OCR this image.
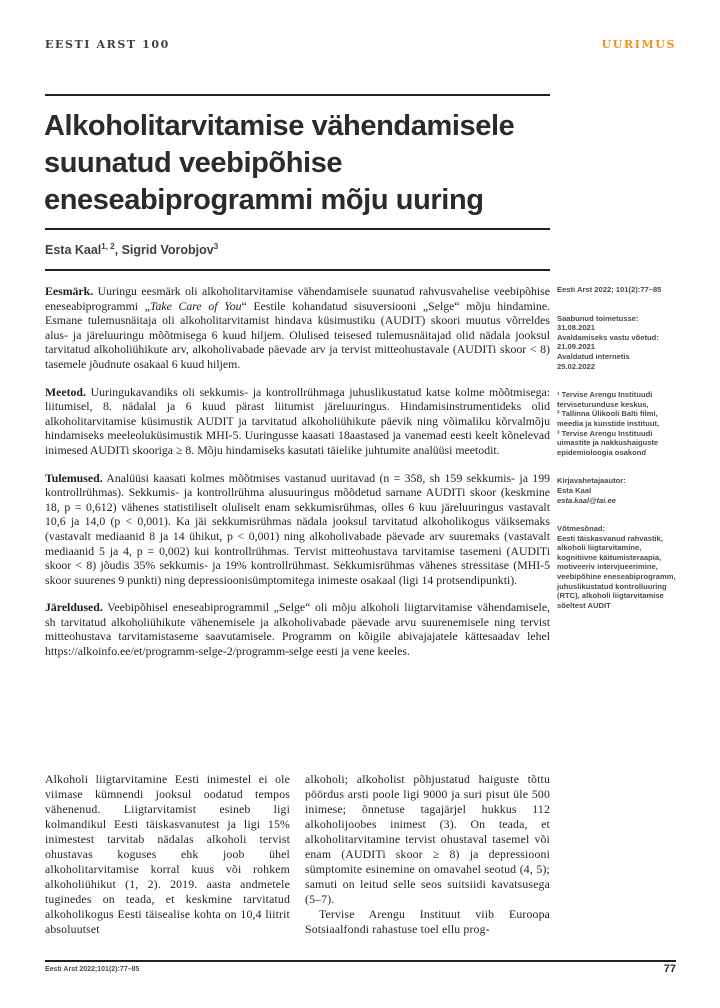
EESTI ARST 100	UURIMUS
Alkoholitarvitamise vähendamisele
suunatud veebipõhise
eneseabiprogrammi mõju uuring
Esta Kaal$^{1, 2}$, Sigrid Vorobjov$^3$

Eesmärk. Uuringu eesmärk oli alkoholitarvitamise vähendamisele suunatud rahvusvahelise veebipõhise eneseabiprogrammi „Take Care of You“ Eestile kohandatud sisuversiooni „Selge“ mõju hindamine. Esmane tulemusnäitaja oli alkoholitarvitamist hindava küsimustiku (AUDIT) skoori muutus võrreldes alus- ja järeluuringu mõõtmisega 6 kuud hiljem. Olulised teisesed tulemusnäitajad olid nädala jooksul tarvitatud alkoholiühikute arv, alkoholivabade päevade arv ja tervist mitteohustavale (AUDITi skoor < 8) tasemele jõudnute osakaal 6 kuud hiljem.

Meetod. Uuringukavandiks oli sekkumis- ja kontrollrühmaga juhuslikustatud katse kolme mõõtmisega: liitumisel, 8. nädalal ja 6 kuud pärast liitumist järeluuringus. Hindamisinstrumentideks olid alkoholitarvitamise küsimustik AUDIT ja tarvitatud alkoholiühikute päevik ning võimaliku kõrvalmõju hindamiseks meeleoluküsimustik MHI-5. Uuringusse kaasati 18aastased ja vanemad eesti keelt kõnelevad inimesed AUDITi skooriga ≥ 8. Mõju hindamiseks kasutati täielike juhtumite analüüsi meetodit.

Tulemused. Analüüsi kaasati kolmes mõõtmises vastanud uuritavad (n = 358, sh 159 sekkumis- ja 199 kontrollrühmas). Sekkumis- ja kontrollrühma alusuuringus mõõdetud sarnane AUDITi skoor (keskmine 18, p = 0,612) vähenes statistiliselt oluliselt enam sekkumisrühmas, olles 6 kuu järeluuringus vastavalt 10,6 ja 14,0 (p < 0,001). Ka jäi sekkumisrühmas nädala jooksul tarvitatud alkoholikogus väiksemaks (vastavalt mediaanid 8 ja 14 ühikut, p < 0,001) ning alkoholivabade päevade arv suuremaks (vastavalt mediaanid 5 ja 4, p = 0,002) kui kontrollrühmas. Tervist mitteohustava tarvitamise tasemeni (AUDITi skoor < 8) jõudis 35% sekkumis- ja 19% kontrollrühmast. Sekkumisrühmas vähenes stressitase (MHI-5 skoor suurenes 9 punkti) ning depressioonisümptomitega inimeste osakaal (ligi 14 protsendipunkti).

Järeldused. Veebipõhisel eneseabiprogrammil „Selge“ oli mõju alkoholi liigtarvitamise vähendamisele, sh tarvitatud alkoholiühikute vähenemisele ja alkoholivabade päevade arvu suurenemisele ning tervist mitteohustava tarvitamistaseme saavutamisele. Programm on kõigile abivajajatele kättesaadav lehel https://alkoinfo.ee/et/programm-selge-2/programm-selge eesti ja vene keeles.

Eesti Arst 2022; 101(2):77–85
Saabunud toimetusse:
31.08.2021
Avaldamiseks vastu võetud:
21.09.2021
Avaldatud internetis
25.02.2022
¹ Tervise Arengu Instituudi terviseturunduse keskus,
² Tallinna Ülikooli Balti filmi, meedia ja kunstide instituut,
³ Tervise Arengu Instituudi uimastite ja nakkushaiguste epidemioloogia osakond
Kirjavahetajaautor:
Esta Kaal
esta.kaal@tai.ee
Võtmesõnad:
Eesti täiskasvanud rahvastik, alkoholi liigtarvitamine, kognitiivne käitumisteraapia, motiveeriv intervjueerimine, veebipõhine eneseabiprogramm, juhuslikustatud kontrolluuring (RTC), alkoholi liigtarvitamise sõeltest AUDIT

Alkoholi liigtarvitamine Eesti inimestel ei ole viimase kümnendi jooksul oodatud tempos vähenenud. Liigtarvitamist esineb ligi kolmandikul Eesti täiskasvanutest ja ligi 15% inimestest tarvitab nädalas alkoholi tervist ohustavas koguses ehk joob ühel alkoholitarvitamise korral kuus või rohkem alkoholiühikut (1, 2). 2019. aasta andmetele tuginedes on teada, et keskmine tarvitatud alkoholikogus Eesti täisealise kohta on 10,4 liitrit absoluutset

alkoholi; alkoholist põhjustatud haiguste tõttu pöördus arsti poole ligi 9000 ja suri pisut üle 500 inimese; õnnetuse tagajärjel hukkus 112 alkoholijoobes inimest (3). On teada, et alkoholitarvitamine tervist ohustaval tasemel või enam (AUDITi skoor ≥ 8) ja depressiooni sümptomite esinemine on omavahel seotud (4, 5); samuti on leitud selle seos suitsiidi kavatsusega (5–7).

Tervise Arengu Instituut viib Euroopa Sotsiaalfondi rahastuse toel ellu prog-

Eesti Arst 2022;101(2):77–85	77
